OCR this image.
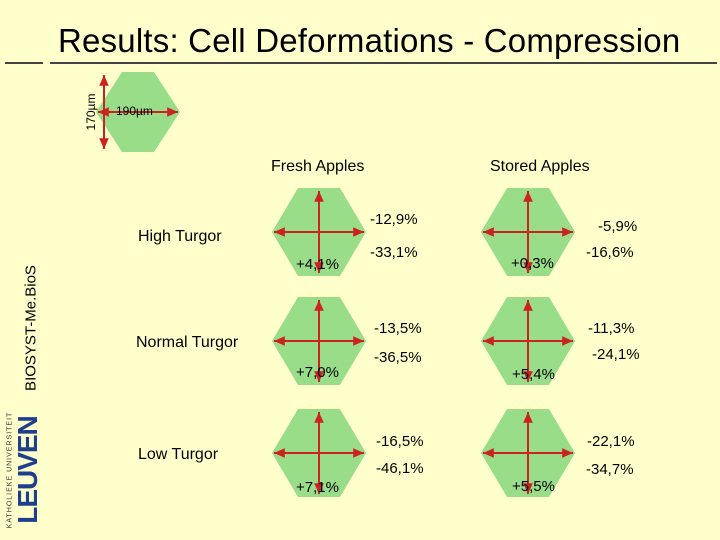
Results: Cell Deformations - Compression
BIOSYST-Me.BioS
KATHOLIEKE UNIVERSITEIT
LEUVEN
190µm
170µm
Fresh Apples	Stored Apples
High Turgor
Normal Turgor
Low Turgor
+4,1%
-12,9%
-33,1%
+7,0%
-13,5%
-36,5%
+7,1%
-16,5%
-46,1%
+0,3%
-5,9%
-16,6%
+5,4%
-11,3%
-24,1%
+5,5%
-22,1%
-34,7%
